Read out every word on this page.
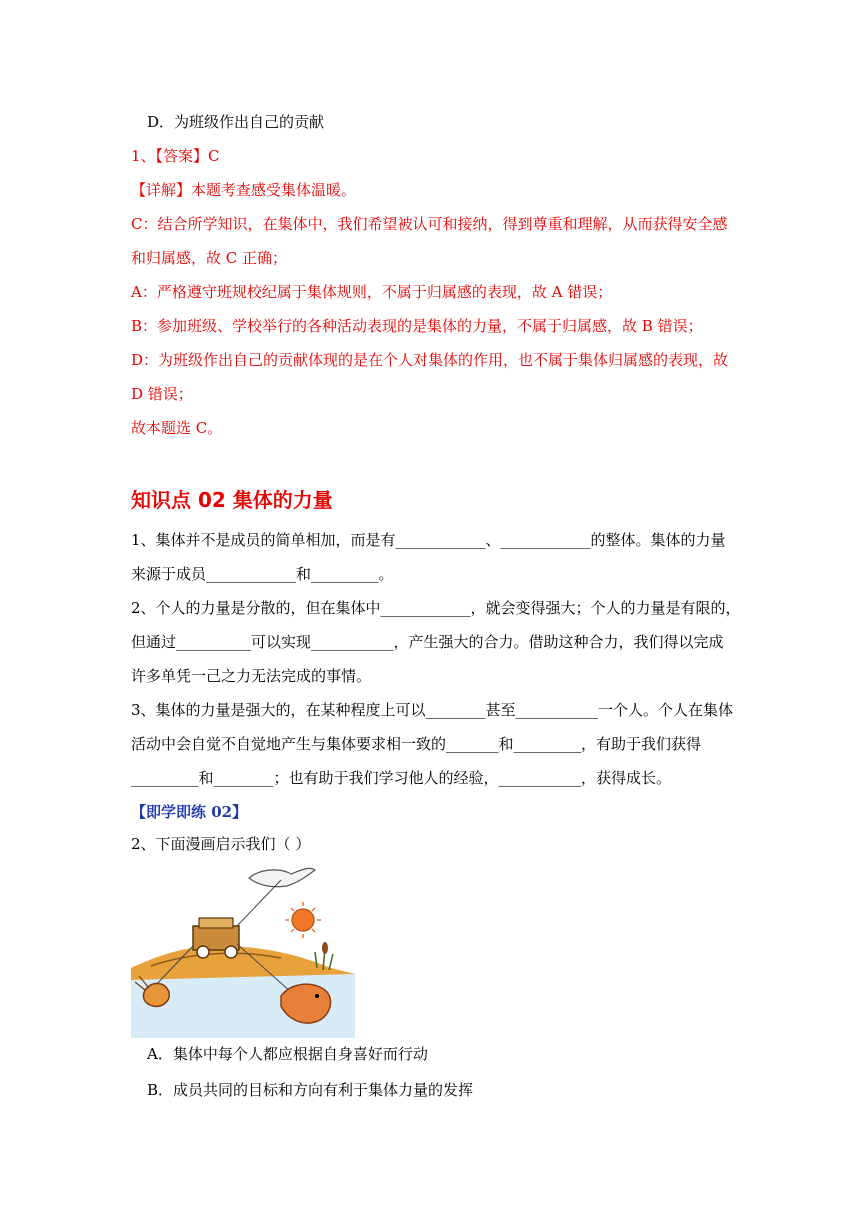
D．为班级作出自己的贡献
1、【答案】C
【详解】本题考查感受集体温暖。
C：结合所学知识，在集体中，我们希望被认可和接纳，得到尊重和理解，从而获得安全感
和归属感，故 C 正确；
A：严格遵守班规校纪属于集体规则，不属于归属感的表现，故 A 错误；
B：参加班级、学校举行的各种活动表现的是集体的力量，不属于归属感，故 B 错误；
D：为班级作出自己的贡献体现的是在个人对集体的作用，也不属于集体归属感的表现，故
D 错误；
故本题选 C。
知识点 02 集体的力量
1、集体并不是成员的简单相加，而是有____________、____________的整体。集体的力量
来源于成员____________和_________。
2、个人的力量是分散的，但在集体中____________，就会变得强大；个人的力量是有限的，
但通过__________可以实现___________，产生强大的合力。借助这种合力，我们得以完成
许多单凭一己之力无法完成的事情。
3、集体的力量是强大的，在某种程度上可以________甚至___________一个人。个人在集体
活动中会自觉不自觉地产生与集体要求相一致的_______和_________，有助于我们获得
_________和________；也有助于我们学习他人的经验，___________，获得成长。
【即学即练 02】
2、下面漫画启示我们（ ）
A．集体中每个人都应根据自身喜好而行动
B．成员共同的目标和方向有利于集体力量的发挥
